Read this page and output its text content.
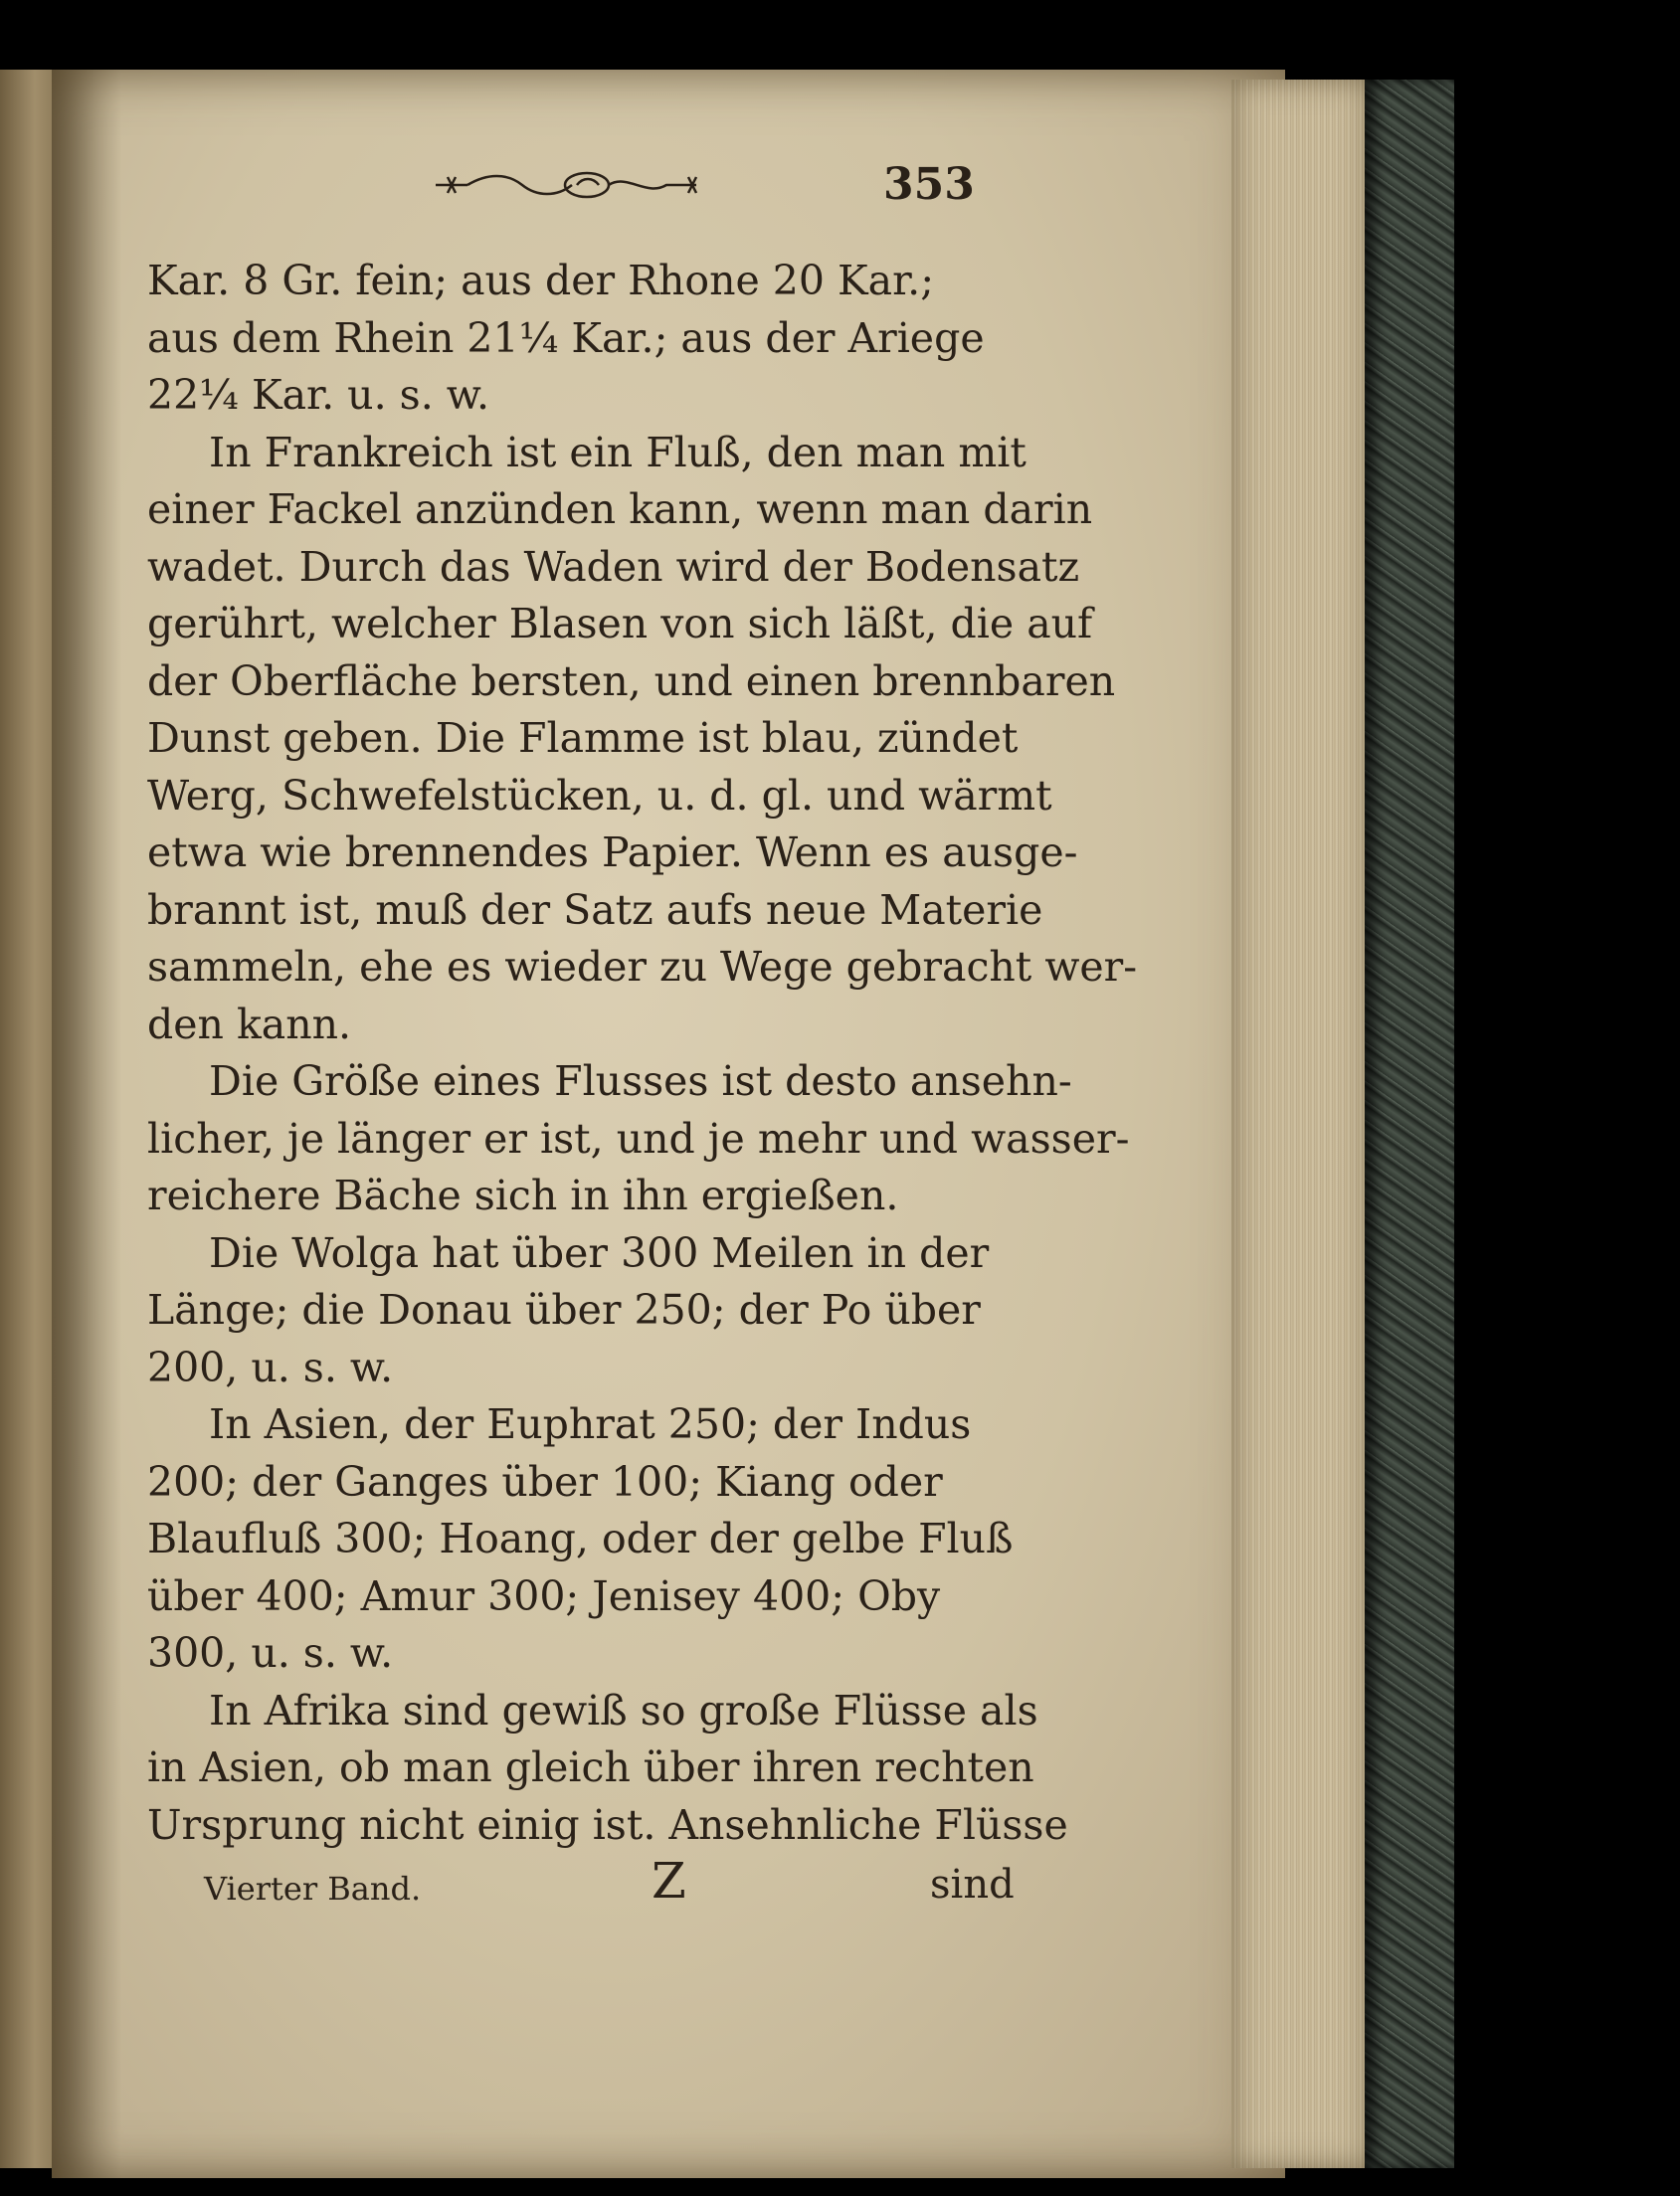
353
Kar. 8 Gr. fein; aus der Rhone 20 Kar.;
aus dem Rhein 21¼ Kar.; aus der Ariege
22¼ Kar. u. s. w.
In Frankreich ist ein Fluß, den man mit
einer Fackel anzünden kann, wenn man darin
wadet. Durch das Waden wird der Bodensatz
gerührt, welcher Blasen von sich läßt, die auf
der Oberfläche bersten, und einen brennbaren
Dunst geben. Die Flamme ist blau, zündet
Werg, Schwefelstücken, u. d. gl. und wärmt
etwa wie brennendes Papier. Wenn es ausge-
brannt ist, muß der Satz aufs neue Materie
sammeln, ehe es wieder zu Wege gebracht wer-
den kann.
Die Größe eines Flusses ist desto ansehn-
licher, je länger er ist, und je mehr und wasser-
reichere Bäche sich in ihn ergießen.
Die Wolga hat über 300 Meilen in der
Länge; die Donau über 250; der Po über
200, u. s. w.
In Asien, der Euphrat 250; der Indus
200; der Ganges über 100; Kiang oder
Blaufluß 300; Hoang, oder der gelbe Fluß
über 400; Amur 300; Jenisey 400; Oby
300, u. s. w.
In Afrika sind gewiß so große Flüsse als
in Asien, ob man gleich über ihren rechten
Ursprung nicht einig ist. Ansehnliche Flüsse
Vierter Band.	Z	sind
